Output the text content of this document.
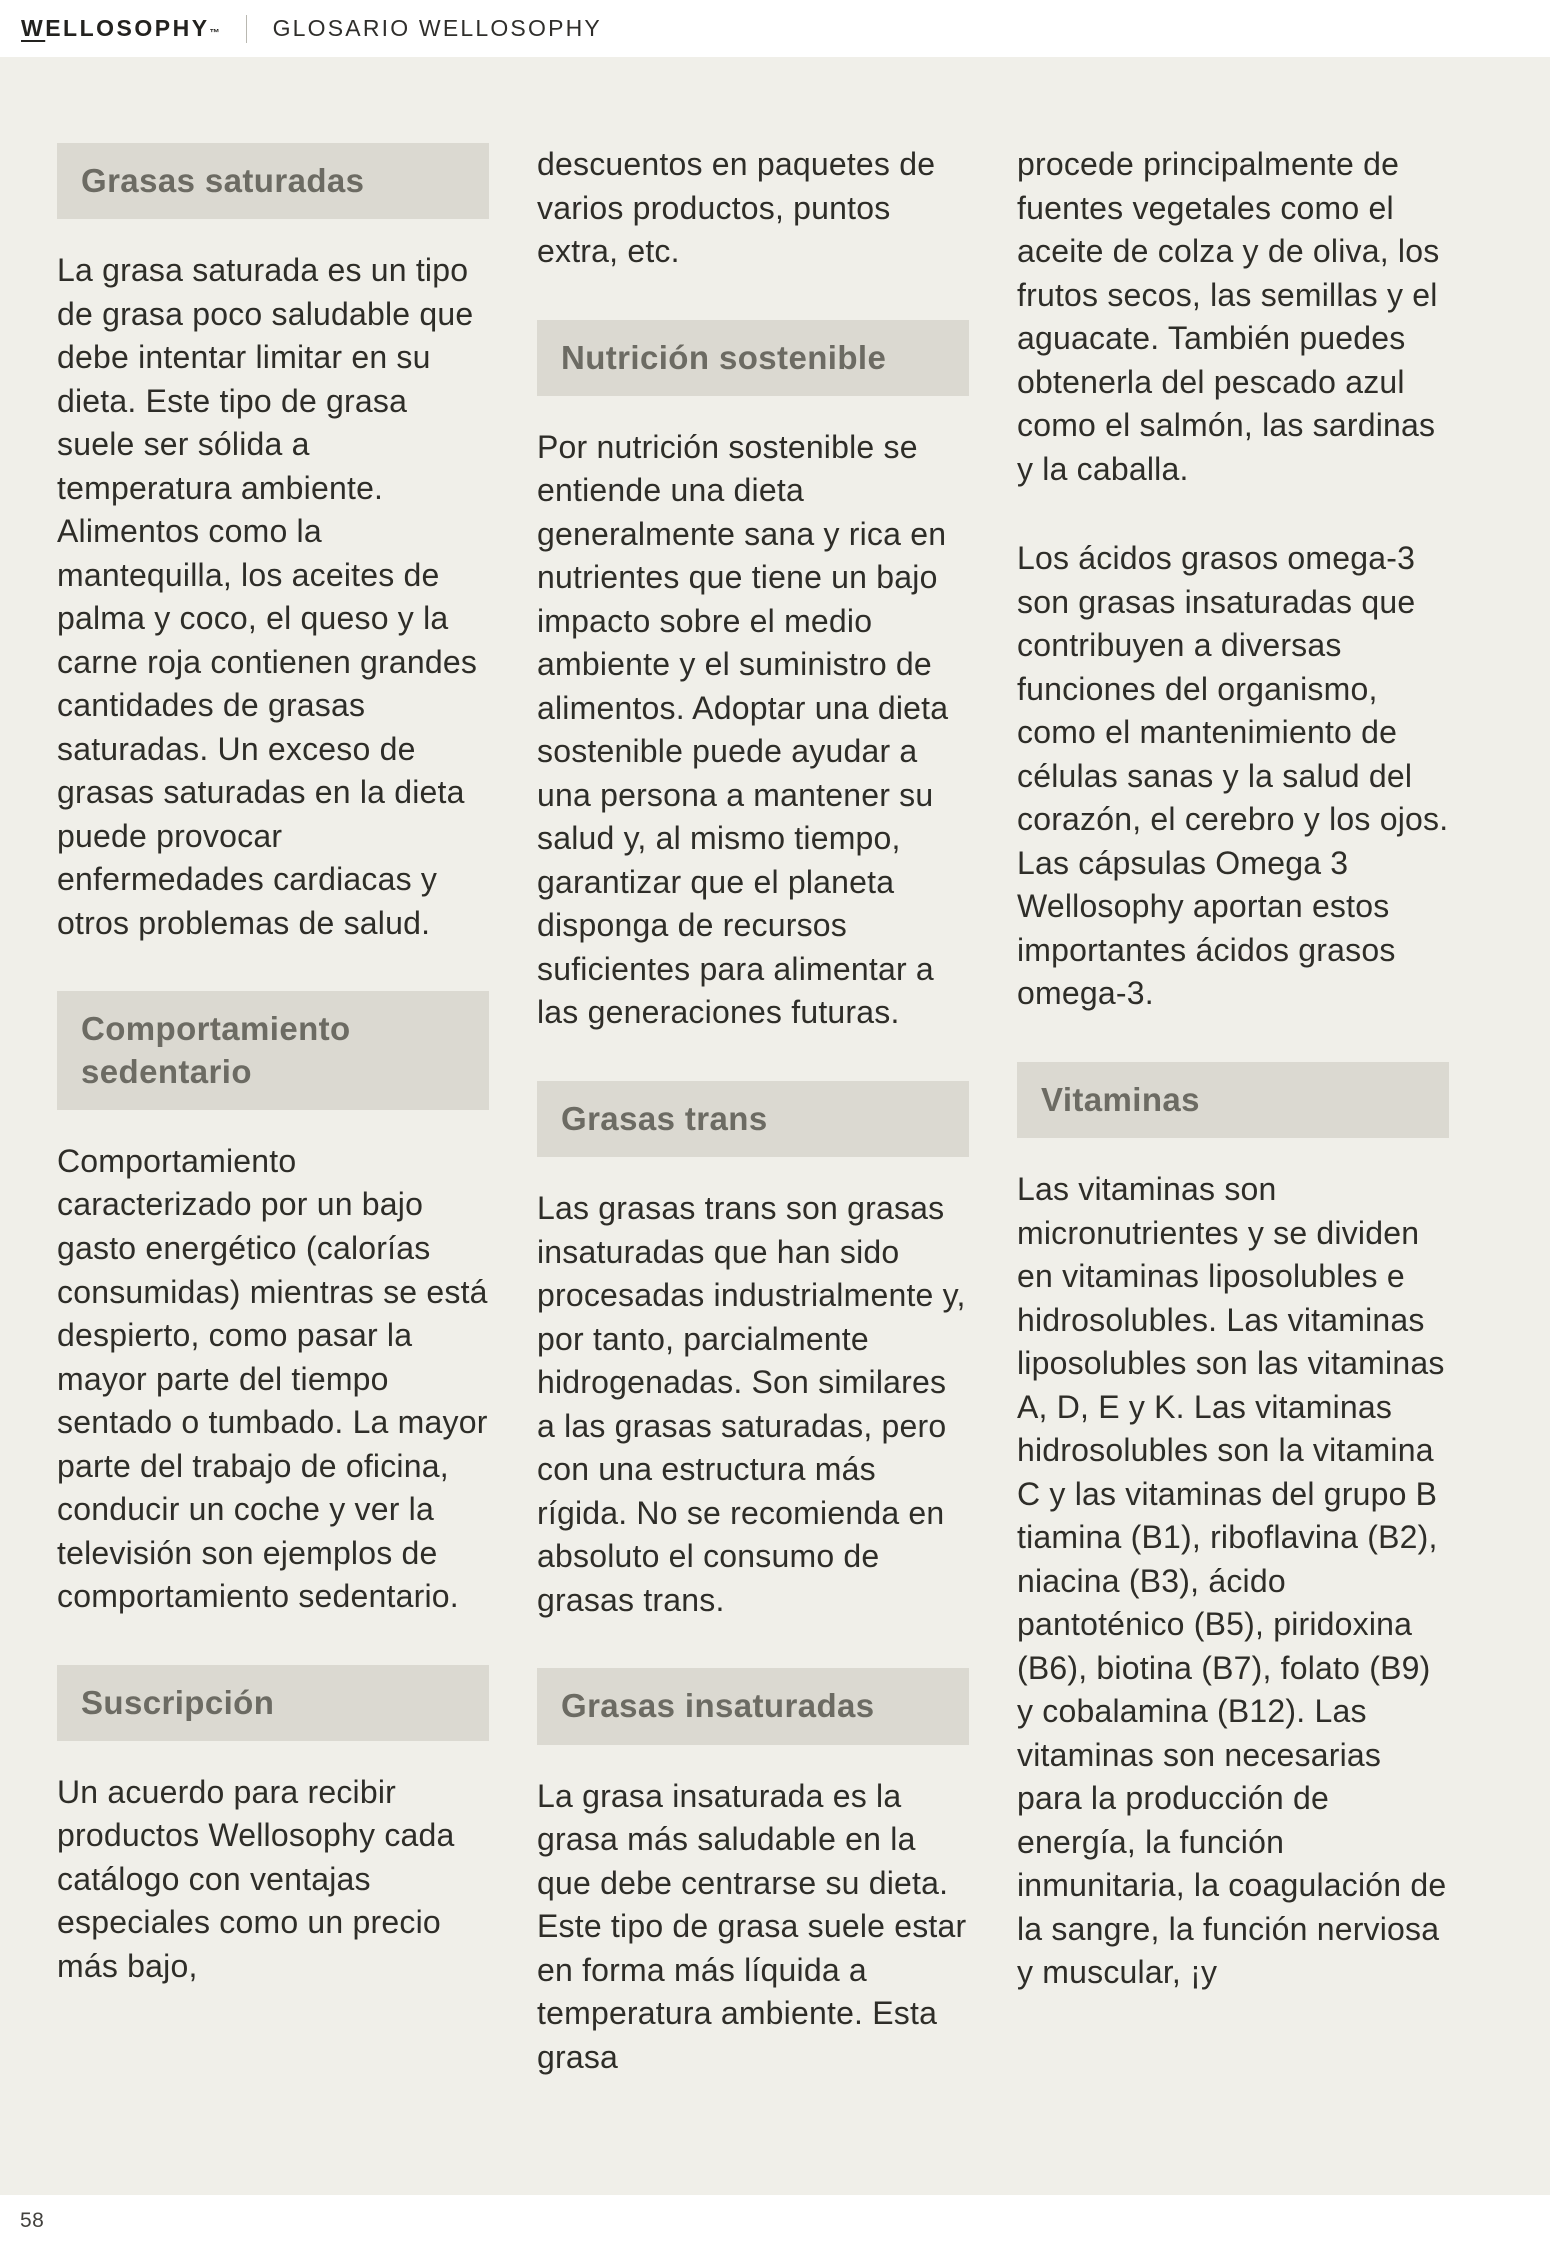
WELLOSOPHY™ GLOSARIO WELLOSOPHY
Grasas saturadas
La grasa saturada es un tipo de grasa poco saludable que debe intentar limitar en su dieta. Este tipo de grasa suele ser sólida a temperatura ambiente. Alimentos como la mantequilla, los aceites de palma y coco, el queso y la carne roja contienen grandes cantidades de grasas saturadas. Un exceso de grasas saturadas en la dieta puede provocar enfermedades cardiacas y otros problemas de salud.
Comportamiento sedentario
Comportamiento caracterizado por un bajo gasto energético (calorías consumidas) mientras se está despierto, como pasar la mayor parte del tiempo sentado o tumbado. La mayor parte del trabajo de oficina, conducir un coche y ver la televisión son ejemplos de comportamiento sedentario.
Suscripción
Un acuerdo para recibir productos Wellosophy cada catálogo con ventajas especiales como un precio más bajo,
descuentos en paquetes de varios productos, puntos extra, etc.
Nutrición sostenible
Por nutrición sostenible se entiende una dieta generalmente sana y rica en nutrientes que tiene un bajo impacto sobre el medio ambiente y el suministro de alimentos. Adoptar una dieta sostenible puede ayudar a una persona a mantener su salud y, al mismo tiempo, garantizar que el planeta disponga de recursos suficientes para alimentar a las generaciones futuras.
Grasas trans
Las grasas trans son grasas insaturadas que han sido procesadas industrialmente y, por tanto, parcialmente hidrogenadas. Son similares a las grasas saturadas, pero con una estructura más rígida. No se recomienda en absoluto el consumo de grasas trans.
Grasas insaturadas
La grasa insaturada es la grasa más saludable en la que debe centrarse su dieta. Este tipo de grasa suele estar en forma más líquida a temperatura ambiente. Esta grasa
procede principalmente de fuentes vegetales como el aceite de colza y de oliva, los frutos secos, las semillas y el aguacate. También puedes obtenerla del pescado azul como el salmón, las sardinas y la caballa.
Los ácidos grasos omega-3 son grasas insaturadas que contribuyen a diversas funciones del organismo, como el mantenimiento de células sanas y la salud del corazón, el cerebro y los ojos. Las cápsulas Omega 3 Wellosophy aportan estos importantes ácidos grasos omega-3.
Vitaminas
Las vitaminas son micronutrientes y se dividen en vitaminas liposolubles e hidrosolubles. Las vitaminas liposolubles son las vitaminas A, D, E y K. Las vitaminas hidrosolubles son la vitamina C y las vitaminas del grupo B tiamina (B1), riboflavina (B2), niacina (B3), ácido pantoténico (B5), piridoxina (B6), biotina (B7), folato (B9) y cobalamina (B12). Las vitaminas son necesarias para la producción de energía, la función inmunitaria, la coagulación de la sangre, la función nerviosa y muscular, ¡y
58
